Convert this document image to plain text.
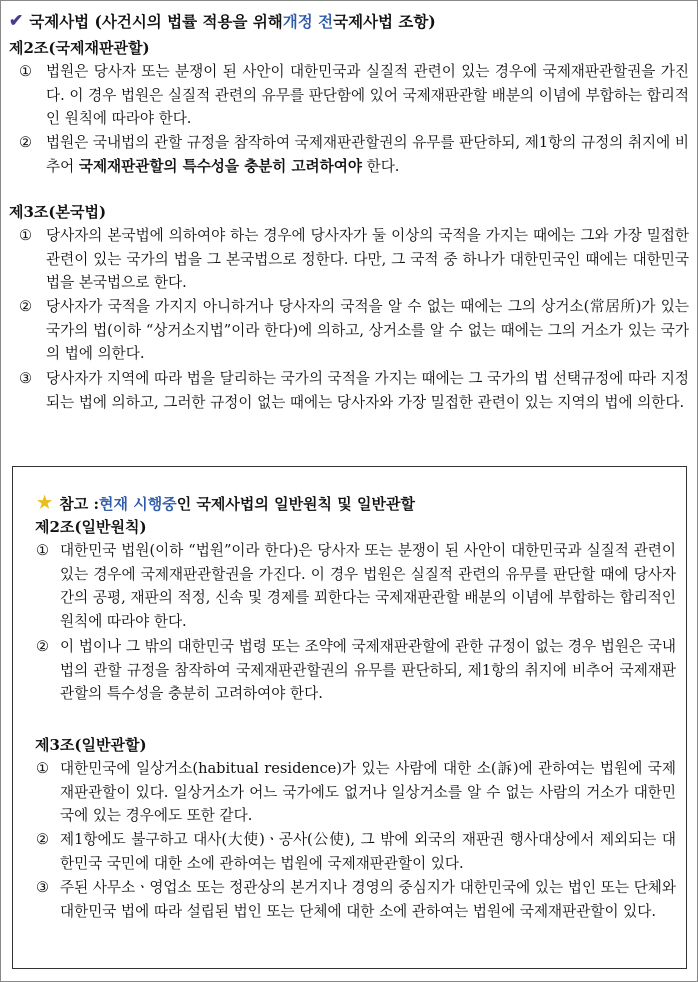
✔ 국제사법 (사건시의 법률 적용을 위해 개정 전 국제사법 조항)
제2조(국제재판관할)
① 법원은 당사자 또는 분쟁이 된 사안이 대한민국과 실질적 관련이 있는 경우에 국제재판관할권을 가진다. 이 경우 법원은 실질적 관련의 유무를 판단함에 있어 국제재판관할 배분의 이념에 부합하는 합리적인 원칙에 따라야 한다.
② 법원은 국내법의 관할 규정을 참작하여 국제재판관할권의 유무를 판단하되, 제1항의 규정의 취지에 비추어 국제재판관할의 특수성을 충분히 고려하여야 한다.
제3조(본국법)
① 당사자의 본국법에 의하여야 하는 경우에 당사자가 둘 이상의 국적을 가지는 때에는 그와 가장 밀접한 관련이 있는 국가의 법을 그 본국법으로 정한다. 다만, 그 국적 중 하나가 대한민국인 때에는 대한민국 법을 본국법으로 한다.
② 당사자가 국적을 가지지 아니하거나 당사자의 국적을 알 수 없는 때에는 그의 상거소(常居所)가 있는 국가의 법(이하 “상거소지법”이라 한다)에 의하고, 상거소를 알 수 없는 때에는 그의 거소가 있는 국가의 법에 의한다.
③ 당사자가 지역에 따라 법을 달리하는 국가의 국적을 가지는 때에는 그 국가의 법 선택규정에 따라 지정되는 법에 의하고, 그러한 규정이 없는 때에는 당사자와 가장 밀접한 관련이 있는 지역의 법에 의한다.
★ 참고 : 현재 시행중 인 국제사법의 일반원칙 및 일반관할
제2조(일반원칙)
① 대한민국 법원(이하 “법원”이라 한다)은 당사자 또는 분쟁이 된 사안이 대한민국과 실질적 관련이 있는 경우에 국제재판관할권을 가진다. 이 경우 법원은 실질적 관련의 유무를 판단할 때에 당사자 간의 공평, 재판의 적정, 신속 및 경제를 꾀한다는 국제재판관할 배분의 이념에 부합하는 합리적인 원칙에 따라야 한다.
② 이 법이나 그 밖의 대한민국 법령 또는 조약에 국제재판관할에 관한 규정이 없는 경우 법원은 국내법의 관할 규정을 참작하여 국제재판관할권의 유무를 판단하되, 제1항의 취지에 비추어 국제재판관할의 특수성을 충분히 고려하여야 한다.
제3조(일반관할)
① 대한민국에 일상거소(habitual residence)가 있는 사람에 대한 소(訴)에 관하여는 법원에 국제재판관할이 있다. 일상거소가 어느 국가에도 없거나 일상거소를 알 수 없는 사람의 거소가 대한민국에 있는 경우에도 또한 같다.
② 제1항에도 불구하고 대사(大使)ㆍ공사(公使), 그 밖에 외국의 재판권 행사대상에서 제외되는 대한민국 국민에 대한 소에 관하여는 법원에 국제재판관할이 있다.
③ 주된 사무소ㆍ영업소 또는 정관상의 본거지나 경영의 중심지가 대한민국에 있는 법인 또는 단체와 대한민국 법에 따라 설립된 법인 또는 단체에 대한 소에 관하여는 법원에 국제재판관할이 있다.
